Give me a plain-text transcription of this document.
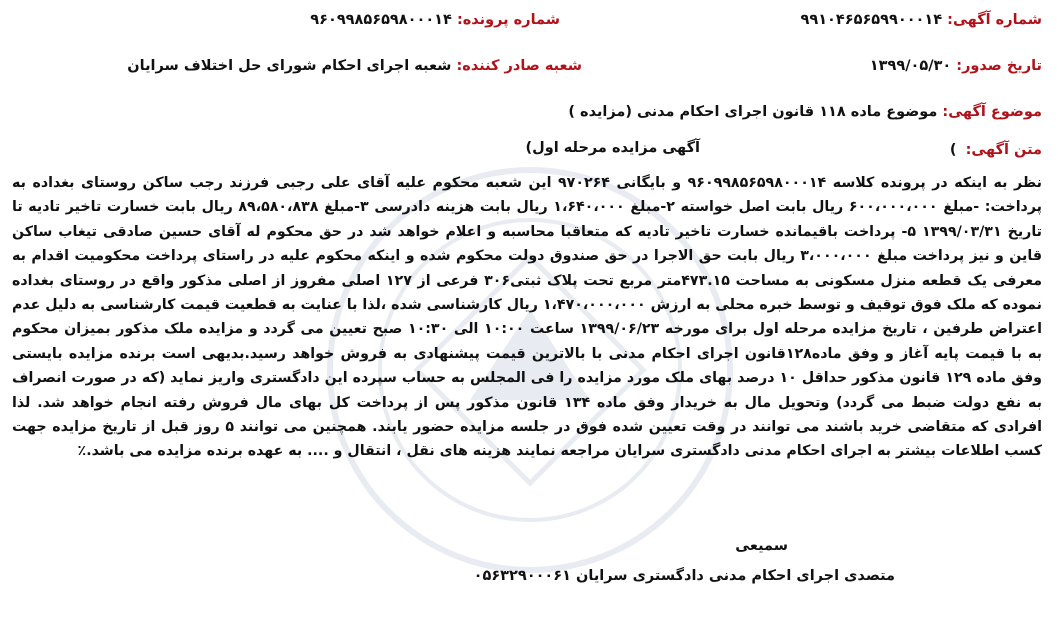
شماره آگهی: ۹۹۱۰۴۶۵۶۵۹۹۰۰۰۱۴
شماره پرونده: ۹۶۰۹۹۸۵۶۵۹۸۰۰۰۱۴
تاریخ صدور: ۱۳۹۹/۰۵/۳۰
شعبه صادر کننده: شعبه اجرای احکام شورای حل اختلاف سرایان
موضوع آگهی: موضوع ماده ۱۱۸ قانون اجرای احکام مدنی (مزایده )
متن آگهی: )
آگهی مزایده مرحله اول)
نظر به اینکه در پرونده کلاسه ۹۶۰۹۹۸۵۶۵۹۸۰۰۰۱۴ و بایگانی ۹۷۰۲۶۴ این شعبه محکوم علیه آقای علی رجبی فرزند رجب ساکن روستای بغداده به پرداخت: -مبلغ ۶۰۰،۰۰۰،۰۰۰ ریال بابت اصل خواسته ۲-مبلغ ۱،۶۴۰،۰۰۰ ریال بابت هزینه دادرسی ۳-مبلغ ۸۹،۵۸۰،۸۳۸ ریال بابت خسارت تاخیر تادیه تا تاریخ ۱۳۹۹/۰۳/۳۱ ۵- پرداخت باقیمانده خسارت تاخیر تادیه که متعاقبا محاسبه و اعلام خواهد شد در حق محکوم له آقای حسین صادقی تیغاب ساکن قاین و نیز پرداخت مبلغ ۳،۰۰۰،۰۰۰ ریال بابت حق الاجرا در حق صندوق دولت محکوم شده و اینکه محکوم علیه در راستای پرداخت محکومیت اقدام به معرفی یک قطعه منزل مسکونی به مساحت ۴۷۳.۱۵متر مربع تحت پلاک ثبتی۳۰۶ فرعی از ۱۲۷ اصلی مفروز از اصلی مذکور واقع در روستای بغداده نموده که ملک فوق توقیف و توسط خبره محلی به ارزش ۱،۴۷۰،۰۰۰،۰۰۰ ریال کارشناسی شده ،لذا با عنایت به قطعیت قیمت کارشناسی به دلیل عدم اعتراض طرفین ، تاریخ مزایده مرحله اول برای مورخه ۱۳۹۹/۰۶/۲۳ ساعت ۱۰:۰۰ الی ۱۰:۳۰ صبح تعیین می گردد و مزایده ملک مذکور بمیزان محکوم به با قیمت پایه آغاز و وفق ماده۱۲۸قانون اجرای احکام مدنی با بالاترین قیمت پیشنهادی به فروش خواهد رسید.بدیهی است برنده مزایده بایستی وفق ماده ۱۲۹ قانون مذکور حداقل ۱۰ درصد بهای ملک مورد مزایده را فی المجلس به حساب سپرده این دادگستری واریز نماید (که در صورت انصراف به نفع دولت ضبط می گردد) وتحویل مال به خریدار وفق ماده ۱۳۴ قانون مذکور پس از پرداخت کل بهای مال فروش رفته انجام خواهد شد. لذا افرادی که متقاضی خرید باشند می توانند در وقت تعیین شده فوق در جلسه مزایده حضور یابند. همچنین می توانند ۵ روز قبل از تاریخ مزایده جهت کسب اطلاعات بیشتر به اجرای احکام مدنی دادگستری سرایان مراجعه نمایند هزینه های نقل ، انتقال و .... به عهده برنده مزایده می باشد.٪
سمیعی
متصدی اجرای احکام مدنی دادگستری سرایان ۰۵۶۳۲۹۰۰۰۶۱
